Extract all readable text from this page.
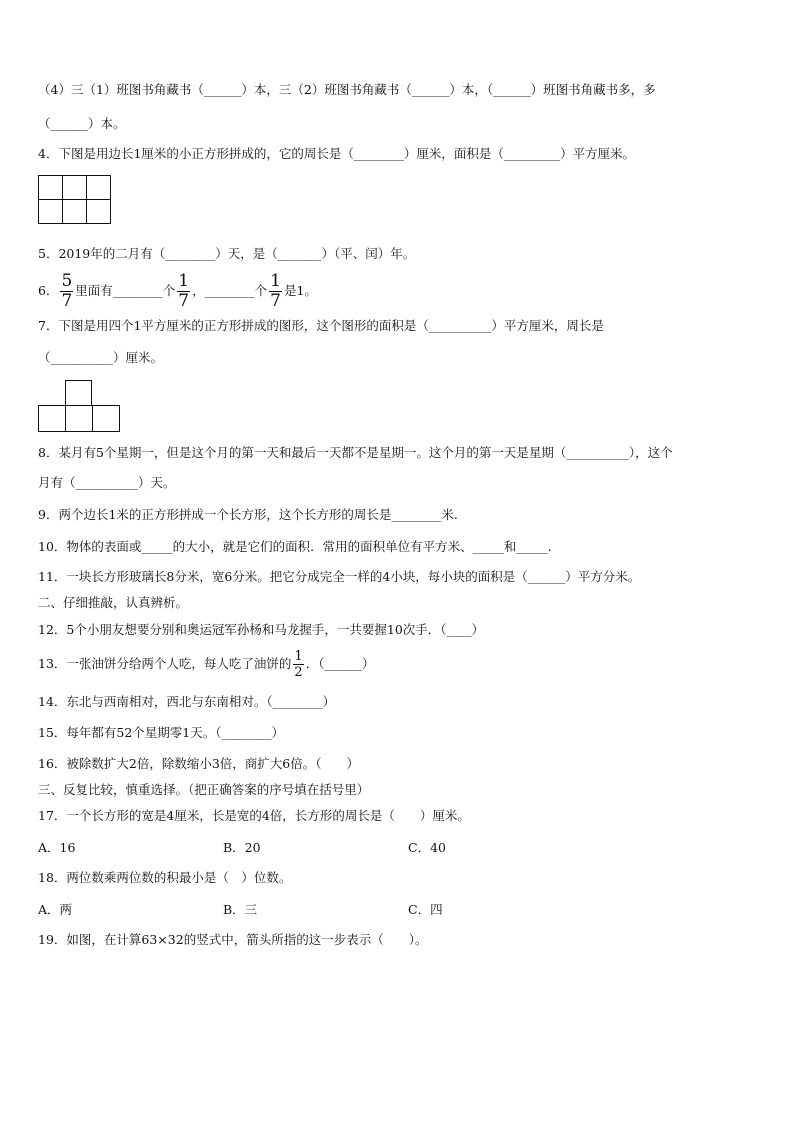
（4）三（1）班图书角藏书（______）本，三（2）班图书角藏书（______）本，（______）班图书角藏书多，多
（______）本。
4．下图是用边长1厘米的小正方形拼成的，它的周长是（________）厘米，面积是（_________）平方厘米。
5．2019年的二月有（________）天，是（_______）（平、闰）年。
6． $\frac{5}{7}$ 里面有________个 $\frac{1}{7}$ ，________个 $\frac{1}{7}$ 是1。
7．下图是用四个1平方厘米的正方形拼成的图形，这个图形的面积是（__________）平方厘米，周长是
（__________）厘米。
8．某月有5个星期一，但是这个月的第一天和最后一天都不是星期一。这个月的第一天是星期（__________），这个
月有（__________）天。
9．两个边长1米的正方形拼成一个长方形，这个长方形的周长是________米.
10．物体的表面或_____的大小，就是它们的面积．常用的面积单位有平方米、_____和_____.
11．一块长方形玻璃长8分米，宽6分米。把它分成完全一样的4小块，每小块的面积是（______）平方分米。
二、仔细推敲，认真辨析。
12．5个小朋友想要分别和奥运冠军孙杨和马龙握手，一共要握10次手．（____）
13．一张油饼分给两个人吃，每人吃了油饼的 $\frac{1}{2}$ ．（______）
14．东北与西南相对，西北与东南相对。（________）
15．每年都有52个星期零1天。（________）
16．被除数扩大2倍，除数缩小3倍，商扩大6倍。（　　）
三、反复比较，慎重选择。（把正确答案的序号填在括号里）
17．一个长方形的宽是4厘米，长是宽的4倍，长方形的周长是（　　）厘米。
A．16	B．20	C．40
18．两位数乘两位数的积最小是（　）位数。
A．两	B．三	C．四
19．如图，在计算63×32的竖式中，箭头所指的这一步表示（　　）。
